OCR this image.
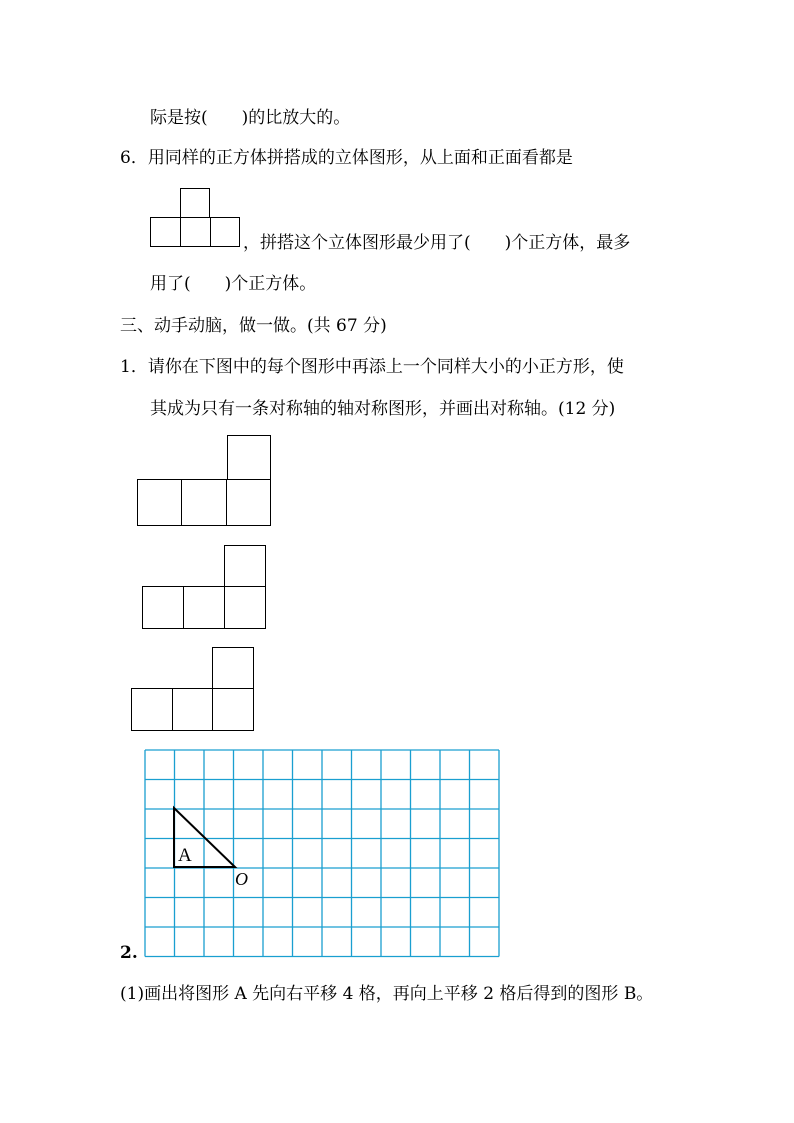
际是按(　　)的比放大的。
6．用同样的正方体拼搭成的立体图形，从上面和正面看都是
，拼搭这个立体图形最少用了(　　)个正方体，最多
用了(　　)个正方体。
三、动手动脑，做一做。(共 67 分)
1．请你在下图中的每个图形中再添上一个同样大小的小正方形，使
其成为只有一条对称轴的轴对称图形，并画出对称轴。(12 分)
A
O
2.
(1)画出将图形 A 先向右平移 4 格，再向上平移 2 格后得到的图形 B。
